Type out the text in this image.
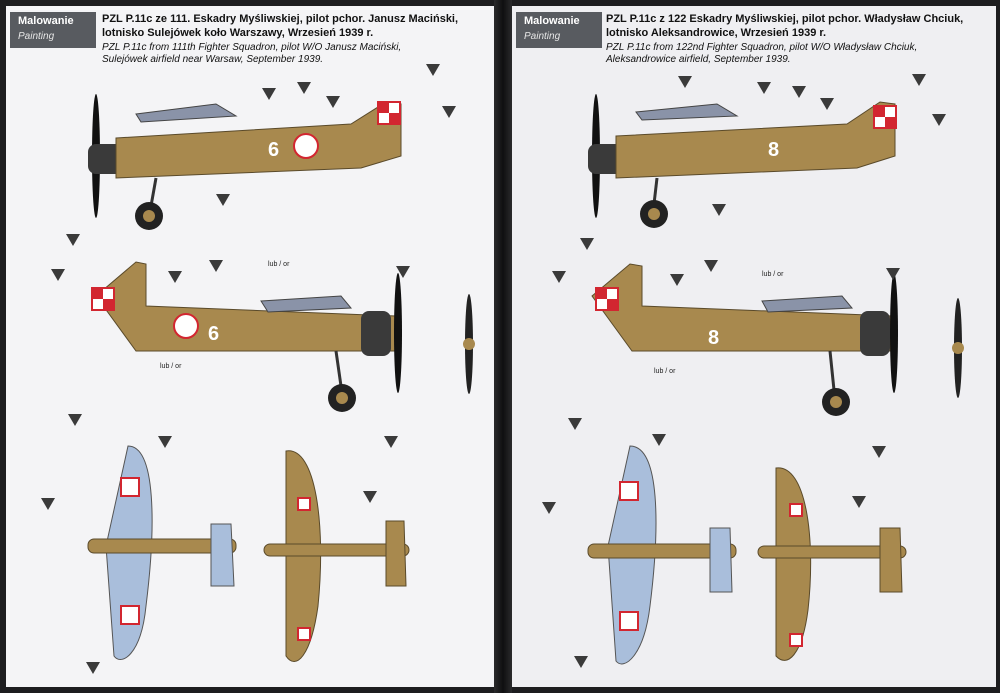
Malowanie
Painting
PZL P.11c ze 111. Eskadry Myśliwskiej, pilot pchor. Janusz Maciński,
lotnisko Sulejówek koło Warszawy, Wrzesień 1939 r.
PZL P.11c from 111th Fighter Squadron, pilot W/O Janusz Maciński,
Sulejówek airfield near Warsaw, September 1939.
6
6
lub / or
lub / or
Malowanie
Painting
PZL P.11c z 122 Eskadry Myśliwskiej, pilot pchor. Władysław Chciuk,
lotnisko Aleksandrowice, Wrzesień 1939 r.
PZL P.11c from 122nd Fighter Squadron, pilot W/O Władysław Chciuk,
Aleksandrowice airfield, September 1939.
8
8
lub / or
lub / or
